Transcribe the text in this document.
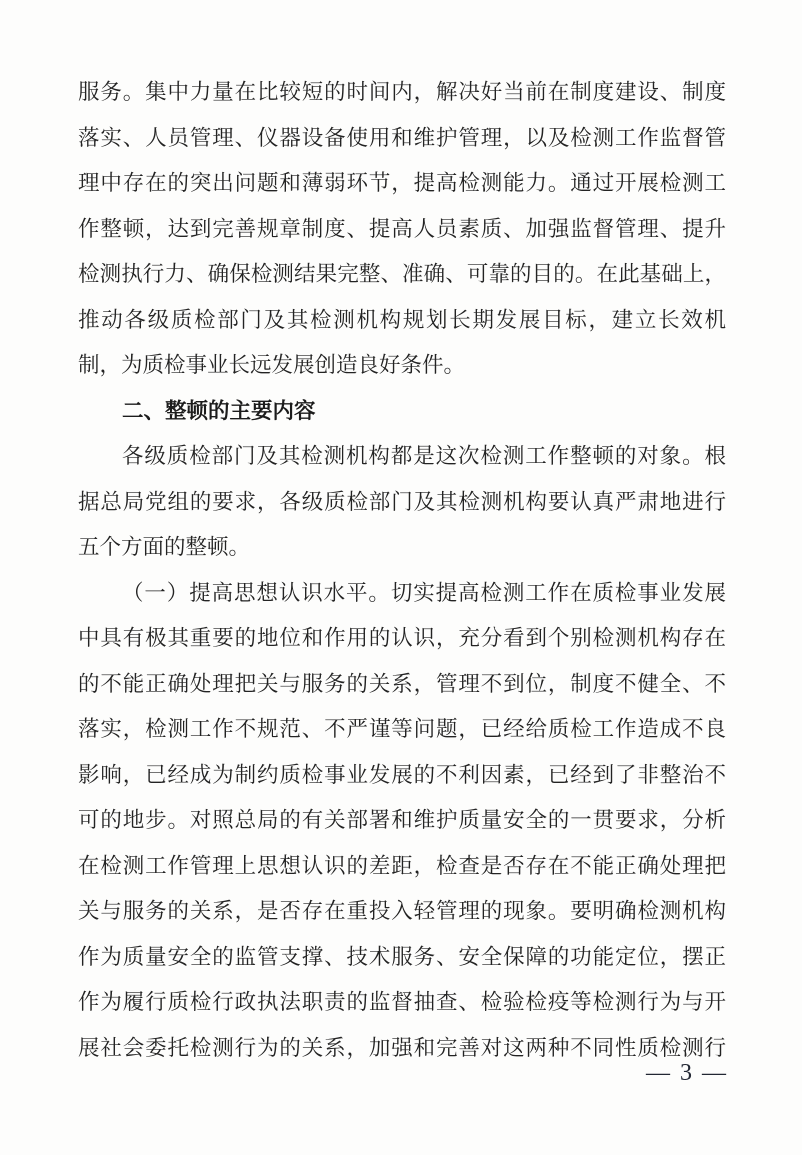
服务。集中力量在比较短的时间内，解决好当前在制度建设、制度
落实、人员管理、仪器设备使用和维护管理，以及检测工作监督管
理中存在的突出问题和薄弱环节，提高检测能力。通过开展检测工
作整顿，达到完善规章制度、提高人员素质、加强监督管理、提升
检测执行力、确保检测结果完整、准确、可靠的目的。在此基础上，
推动各级质检部门及其检测机构规划长期发展目标，建立长效机
制，为质检事业长远发展创造良好条件。
二、整顿的主要内容
各级质检部门及其检测机构都是这次检测工作整顿的对象。根
据总局党组的要求，各级质检部门及其检测机构要认真严肃地进行
五个方面的整顿。
（一）提高思想认识水平。切实提高检测工作在质检事业发展
中具有极其重要的地位和作用的认识，充分看到个别检测机构存在
的不能正确处理把关与服务的关系，管理不到位，制度不健全、不
落实，检测工作不规范、不严谨等问题，已经给质检工作造成不良
影响，已经成为制约质检事业发展的不利因素，已经到了非整治不
可的地步。对照总局的有关部署和维护质量安全的一贯要求，分析
在检测工作管理上思想认识的差距，检查是否存在不能正确处理把
关与服务的关系，是否存在重投入轻管理的现象。要明确检测机构
作为质量安全的监管支撑、技术服务、安全保障的功能定位，摆正
作为履行质检行政执法职责的监督抽查、检验检疫等检测行为与开
展社会委托检测行为的关系，加强和完善对这两种不同性质检测行
— 3 —
